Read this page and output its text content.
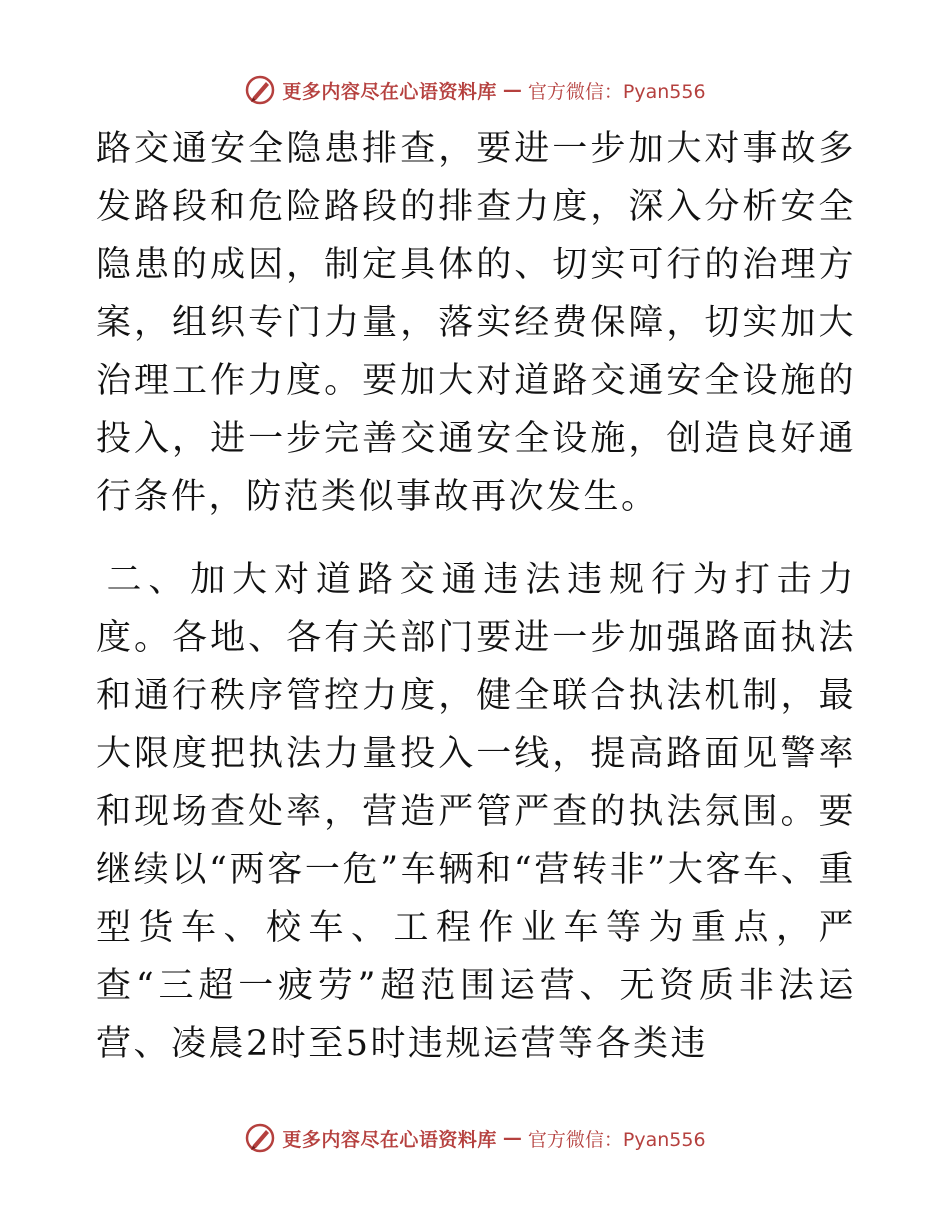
更多内容尽在心语资料库 — 官方微信：Pyan556

路交通安全隐患排查，要进一步加大对事故多发路段和危险路段的排查力度，深入分析安全隐患的成因，制定具体的、切实可行的治理方案，组织专门力量，落实经费保障，切实加大治理工作力度。要加大对道路交通安全设施的投入，进一步完善交通安全设施，创造良好通行条件，防范类似事故再次发生。

二、加大对道路交通违法违规行为打击力度。各地、各有关部门要进一步加强路面执法和通行秩序管控力度，健全联合执法机制，最大限度把执法力量投入一线，提高路面见警率和现场查处率，营造严管严查的执法氛围。要继续以“两客一危”车辆和“营转非”大客车、重型货车、校车、工程作业车等为重点，严查“三超一疲劳”超范围运营、无资质非法运营、凌晨2时至5时违规运营等各类违

更多内容尽在心语资料库 — 官方微信：Pyan556
